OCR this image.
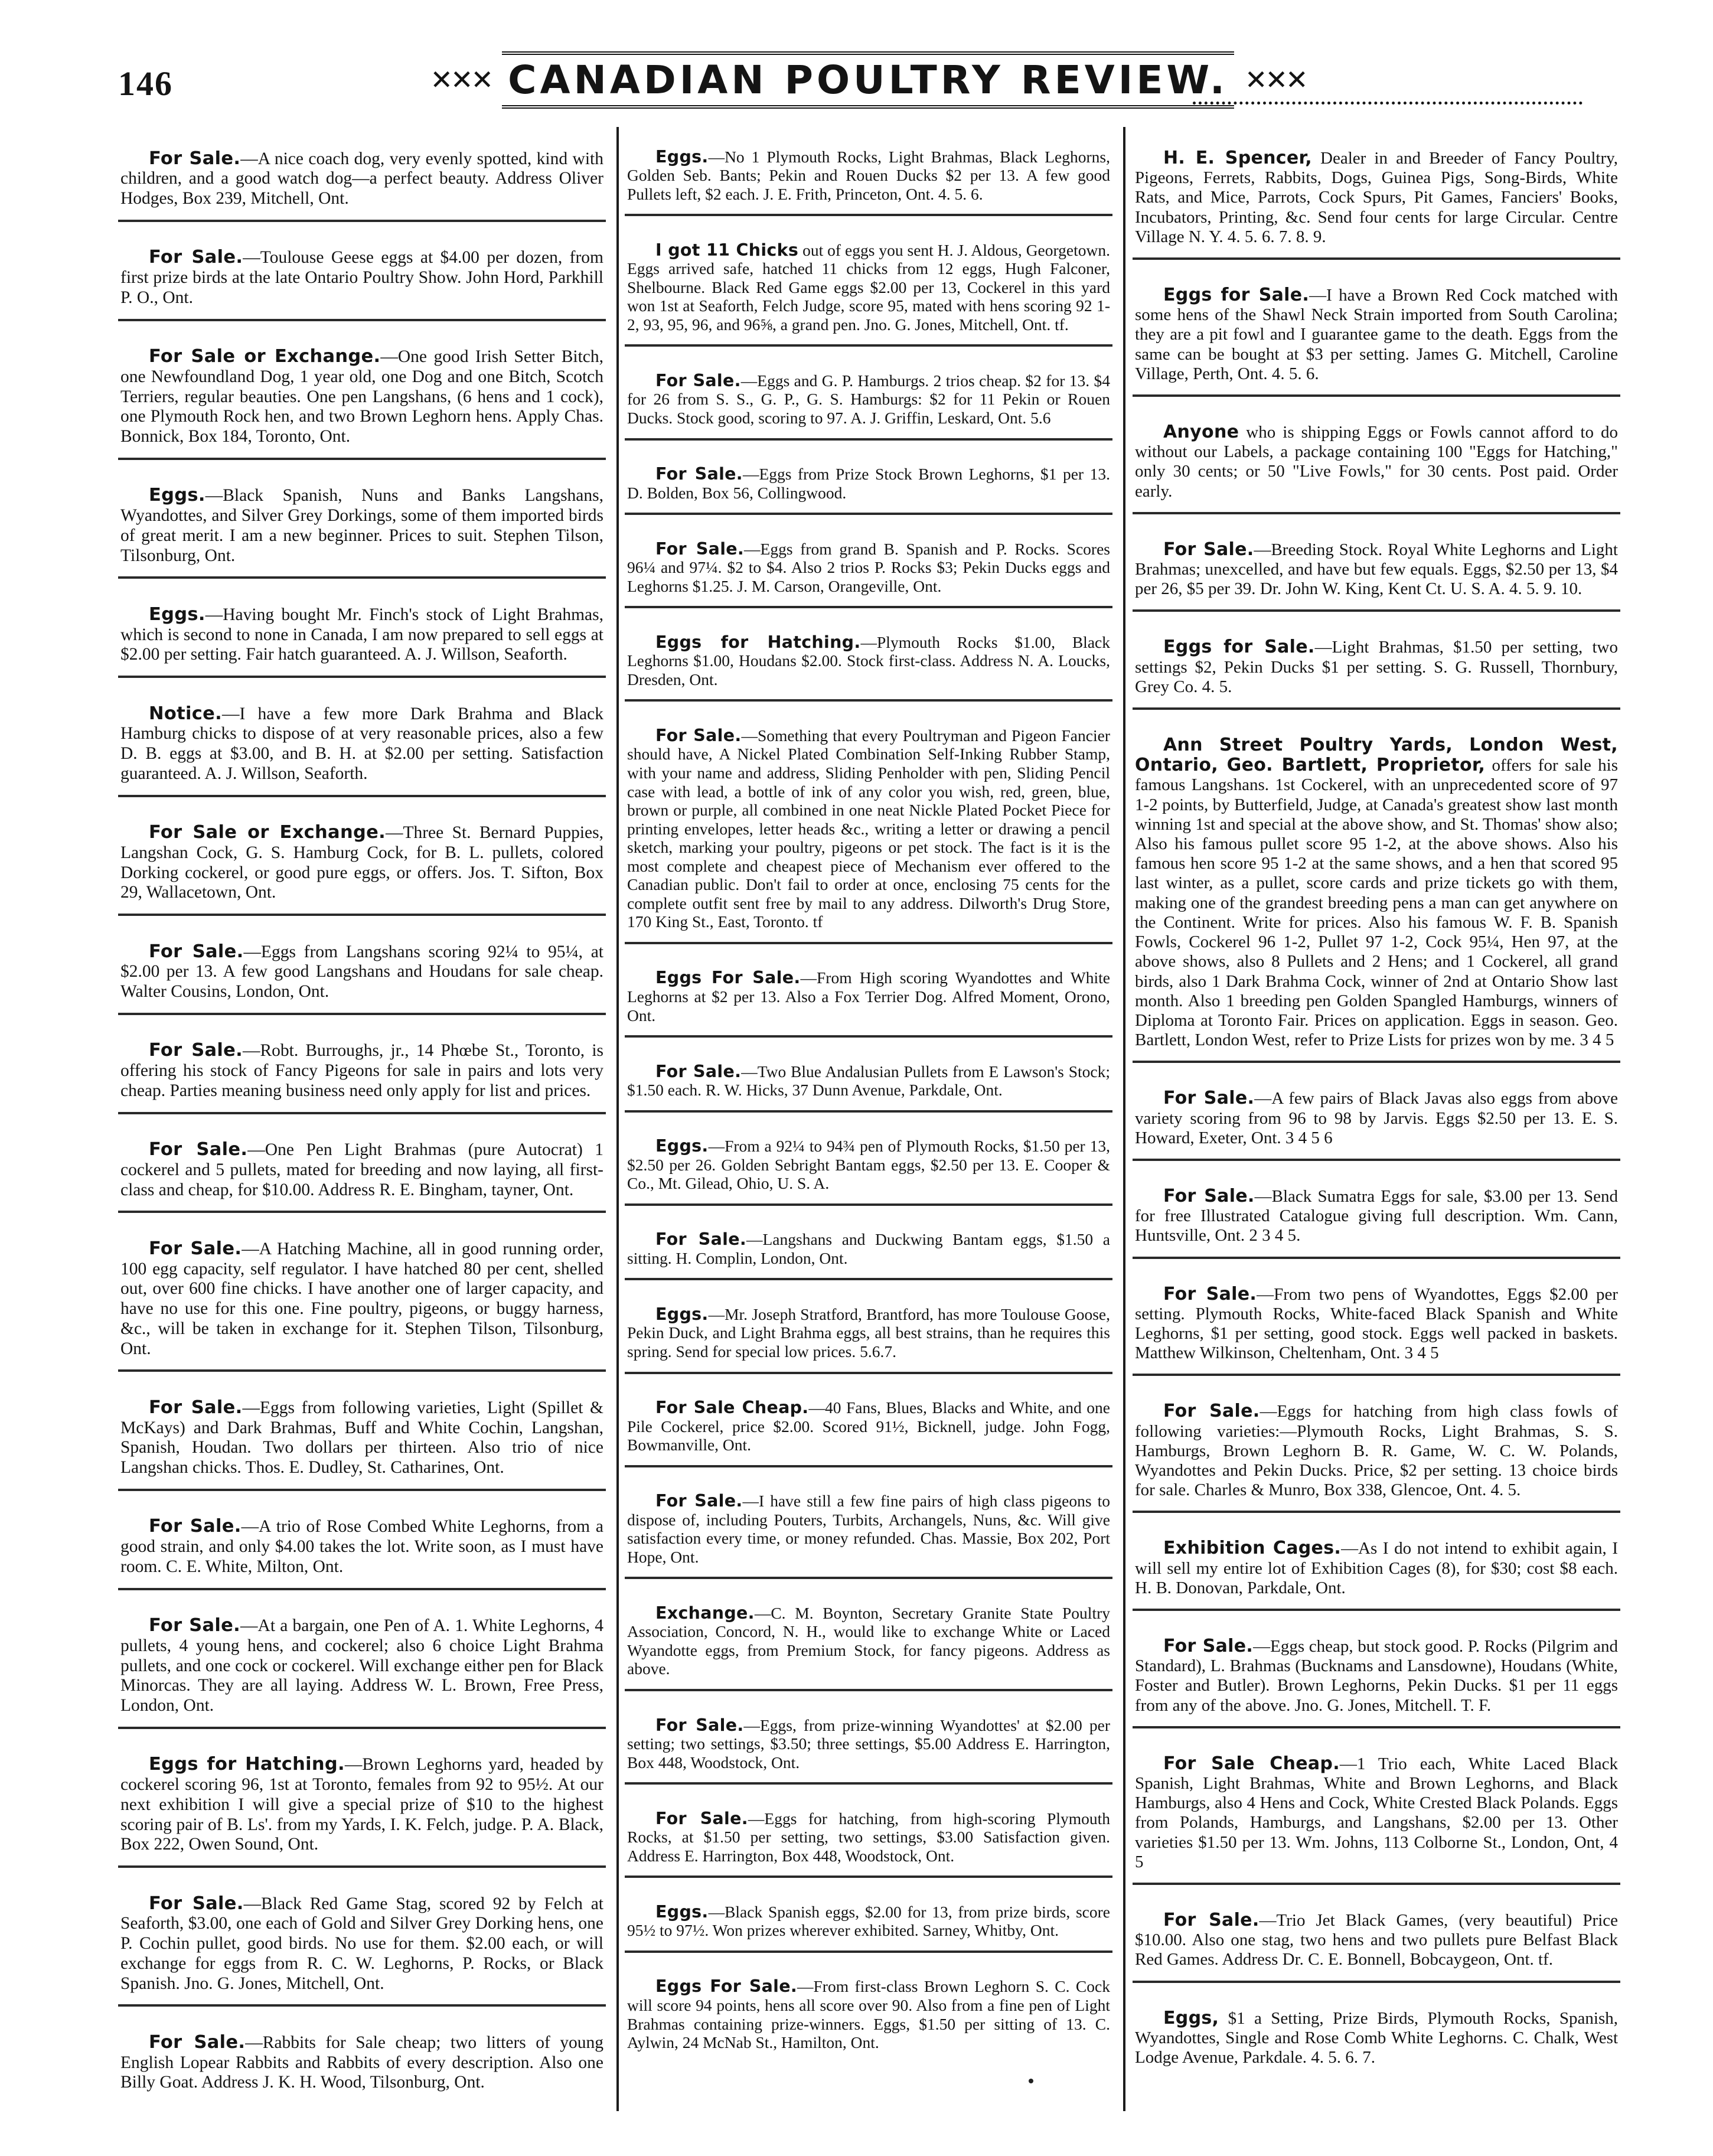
146	✕✕✕ CANADIAN POULTRY REVIEW. ✕✕✕

For Sale.—A nice coach dog, very evenly spotted, kind with children, and a good watch dog—a perfect beauty. Address Oliver Hodges, Box 239, Mitchell, Ont.

For Sale.—Toulouse Geese eggs at $4.00 per dozen, from first prize birds at the late Ontario Poultry Show. John Hord, Parkhill P. O., Ont.

For Sale or Exchange.—One good Irish Setter Bitch, one Newfoundland Dog, 1 year old, one Dog and one Bitch, Scotch Terriers, regular beauties. One pen Langshans, (6 hens and 1 cock), one Plymouth Rock hen, and two Brown Leghorn hens. Apply Chas. Bonnick, Box 184, Toronto, Ont.

Eggs.—Black Spanish, Nuns and Banks Langshans, Wyandottes, and Silver Grey Dorkings, some of them imported birds of great merit. I am a new beginner. Prices to suit. Stephen Tilson, Tilsonburg, Ont.

Eggs.—Having bought Mr. Finch's stock of Light Brahmas, which is second to none in Canada, I am now prepared to sell eggs at $2.00 per setting. Fair hatch guaranteed. A. J. Willson, Seaforth.

Notice.—I have a few more Dark Brahma and Black Hamburg chicks to dispose of at very reasonable prices, also a few D. B. eggs at $3.00, and B. H. at $2.00 per setting. Satisfaction guaranteed. A. J. Willson, Seaforth.

For Sale or Exchange.—Three St. Bernard Puppies, Langshan Cock, G. S. Hamburg Cock, for B. L. pullets, colored Dorking cockerel, or good pure eggs, or offers. Jos. T. Sifton, Box 29, Wallacetown, Ont.

For Sale.—Eggs from Langshans scoring 92¼ to 95¼, at $2.00 per 13. A few good Langshans and Houdans for sale cheap. Walter Cousins, London, Ont.

For Sale.—Robt. Burroughs, jr., 14 Phœbe St., Toronto, is offering his stock of Fancy Pigeons for sale in pairs and lots very cheap. Parties meaning business need only apply for list and prices.

For Sale.—One Pen Light Brahmas (pure Autocrat) 1 cockerel and 5 pullets, mated for breeding and now laying, all first-class and cheap, for $10.00. Address R. E. Bingham, tayner, Ont.

For Sale.—A Hatching Machine, all in good running order, 100 egg capacity, self regulator. I have hatched 80 per cent, shelled out, over 600 fine chicks. I have another one of larger capacity, and have no use for this one. Fine poultry, pigeons, or buggy harness, &c., will be taken in exchange for it. Stephen Tilson, Tilsonburg, Ont.

For Sale.—Eggs from following varieties, Light (Spillet & McKays) and Dark Brahmas, Buff and White Cochin, Langshan, Spanish, Houdan. Two dollars per thirteen. Also trio of nice Langshan chicks. Thos. E. Dudley, St. Catharines, Ont.

For Sale.—A trio of Rose Combed White Leghorns, from a good strain, and only $4.00 takes the lot. Write soon, as I must have room. C. E. White, Milton, Ont.

For Sale.—At a bargain, one Pen of A. 1. White Leghorns, 4 pullets, 4 young hens, and cockerel; also 6 choice Light Brahma pullets, and one cock or cockerel. Will exchange either pen for Black Minorcas. They are all laying. Address W. L. Brown, Free Press, London, Ont.

Eggs for Hatching.—Brown Leghorns yard, headed by cockerel scoring 96, 1st at Toronto, females from 92 to 95½. At our next exhibition I will give a special prize of $10 to the highest scoring pair of B. Ls'. from my Yards, I. K. Felch, judge. P. A. Black, Box 222, Owen Sound, Ont.

For Sale.—Black Red Game Stag, scored 92 by Felch at Seaforth, $3.00, one each of Gold and Silver Grey Dorking hens, one P. Cochin pullet, good birds. No use for them. $2.00 each, or will exchange for eggs from R. C. W. Leghorns, P. Rocks, or Black Spanish. Jno. G. Jones, Mitchell, Ont.

For Sale.—Rabbits for Sale cheap; two litters of young English Lopear Rabbits and Rabbits of every description. Also one Billy Goat. Address J. K. H. Wood, Tilsonburg, Ont.

Eggs.—No 1 Plymouth Rocks, Light Brahmas, Black Leghorns, Golden Seb. Bants; Pekin and Rouen Ducks $2 per 13. A few good Pullets left, $2 each. J. E. Frith, Princeton, Ont. 4. 5. 6.

I got 11 Chicks out of eggs you sent H. J. Aldous, Georgetown. Eggs arrived safe, hatched 11 chicks from 12 eggs, Hugh Falconer, Shelbourne. Black Red Game eggs $2.00 per 13, Cockerel in this yard won 1st at Seaforth, Felch Judge, score 95, mated with hens scoring 92 1-2, 93, 95, 96, and 96⅝, a grand pen. Jno. G. Jones, Mitchell, Ont. tf.

For Sale.—Eggs and G. P. Hamburgs. 2 trios cheap. $2 for 13. $4 for 26 from S. S., G. P., G. S. Hamburgs: $2 for 11 Pekin or Rouen Ducks. Stock good, scoring to 97. A. J. Griffin, Leskard, Ont. 5.6

For Sale.—Eggs from Prize Stock Brown Leghorns, $1 per 13. D. Bolden, Box 56, Collingwood.

For Sale.—Eggs from grand B. Spanish and P. Rocks. Scores 96¼ and 97¼. $2 to $4. Also 2 trios P. Rocks $3; Pekin Ducks eggs and Leghorns $1.25. J. M. Carson, Orangeville, Ont.

Eggs for Hatching.—Plymouth Rocks $1.00, Black Leghorns $1.00, Houdans $2.00. Stock first-class. Address N. A. Loucks, Dresden, Ont.

For Sale.—Something that every Poultryman and Pigeon Fancier should have, A Nickel Plated Combination Self-Inking Rubber Stamp, with your name and address, Sliding Penholder with pen, Sliding Pencil case with lead, a bottle of ink of any color you wish, red, green, blue, brown or purple, all combined in one neat Nickle Plated Pocket Piece for printing envelopes, letter heads &c., writing a letter or drawing a pencil sketch, marking your poultry, pigeons or pet stock. The fact is it is the most complete and cheapest piece of Mechanism ever offered to the Canadian public. Don't fail to order at once, enclosing 75 cents for the complete outfit sent free by mail to any address. Dilworth's Drug Store, 170 King St., East, Toronto. tf

Eggs For Sale.—From High scoring Wyandottes and White Leghorns at $2 per 13. Also a Fox Terrier Dog. Alfred Moment, Orono, Ont.

For Sale.—Two Blue Andalusian Pullets from E Lawson's Stock; $1.50 each. R. W. Hicks, 37 Dunn Avenue, Parkdale, Ont.

Eggs.—From a 92¼ to 94¾ pen of Plymouth Rocks, $1.50 per 13, $2.50 per 26. Golden Sebright Bantam eggs, $2.50 per 13. E. Cooper & Co., Mt. Gilead, Ohio, U. S. A.

For Sale.—Langshans and Duckwing Bantam eggs, $1.50 a sitting. H. Complin, London, Ont.

Eggs.—Mr. Joseph Stratford, Brantford, has more Toulouse Goose, Pekin Duck, and Light Brahma eggs, all best strains, than he requires this spring. Send for special low prices. 5.6.7.

For Sale Cheap.—40 Fans, Blues, Blacks and White, and one Pile Cockerel, price $2.00. Scored 91½, Bicknell, judge. John Fogg, Bowmanville, Ont.

For Sale.—I have still a few fine pairs of high class pigeons to dispose of, including Pouters, Turbits, Archangels, Nuns, &c. Will give satisfaction every time, or money refunded. Chas. Massie, Box 202, Port Hope, Ont.

Exchange.—C. M. Boynton, Secretary Granite State Poultry Association, Concord, N. H., would like to exchange White or Laced Wyandotte eggs, from Premium Stock, for fancy pigeons. Address as above.

For Sale.—Eggs, from prize-winning Wyandottes' at $2.00 per setting; two settings, $3.50; three settings, $5.00 Address E. Harrington, Box 448, Woodstock, Ont.

For Sale.—Eggs for hatching, from high-scoring Plymouth Rocks, at $1.50 per setting, two settings, $3.00 Satisfaction given. Address E. Harrington, Box 448, Woodstock, Ont.

Eggs.—Black Spanish eggs, $2.00 for 13, from prize birds, score 95½ to 97½. Won prizes wherever exhibited. Sarney, Whitby, Ont.

Eggs For Sale.—From first-class Brown Leghorn S. C. Cock will score 94 points, hens all score over 90. Also from a fine pen of Light Brahmas containing prize-winners. Eggs, $1.50 per sitting of 13. C. Aylwin, 24 McNab St., Hamilton, Ont.

H. E. Spencer, Dealer in and Breeder of Fancy Poultry, Pigeons, Ferrets, Rabbits, Dogs, Guinea Pigs, Song-Birds, White Rats, and Mice, Parrots, Cock Spurs, Pit Games, Fanciers' Books, Incubators, Printing, &c. Send four cents for large Circular. Centre Village N. Y. 4. 5. 6. 7. 8. 9.

Eggs for Sale.—I have a Brown Red Cock matched with some hens of the Shawl Neck Strain imported from South Carolina; they are a pit fowl and I guarantee game to the death. Eggs from the same can be bought at $3 per setting. James G. Mitchell, Caroline Village, Perth, Ont. 4. 5. 6.

Anyone who is shipping Eggs or Fowls cannot afford to do without our Labels, a package containing 100 "Eggs for Hatching," only 30 cents; or 50 "Live Fowls," for 30 cents. Post paid. Order early.

For Sale.—Breeding Stock. Royal White Leghorns and Light Brahmas; unexcelled, and have but few equals. Eggs, $2.50 per 13, $4 per 26, $5 per 39. Dr. John W. King, Kent Ct. U. S. A. 4. 5. 9. 10.

Eggs for Sale.—Light Brahmas, $1.50 per setting, two settings $2, Pekin Ducks $1 per setting. S. G. Russell, Thornbury, Grey Co. 4. 5.

Ann Street Poultry Yards, London West, Ontario, Geo. Bartlett, Proprietor, offers for sale his famous Langshans. 1st Cockerel, with an unprecedented score of 97 1-2 points, by Butterfield, Judge, at Canada's greatest show last month winning 1st and special at the above show, and St. Thomas' show also; Also his famous pullet score 95 1-2, at the above shows. Also his famous hen score 95 1-2 at the same shows, and a hen that scored 95 last winter, as a pullet, score cards and prize tickets go with them, making one of the grandest breeding pens a man can get anywhere on the Continent. Write for prices. Also his famous W. F. B. Spanish Fowls, Cockerel 96 1-2, Pullet 97 1-2, Cock 95¼, Hen 97, at the above shows, also 8 Pullets and 2 Hens; and 1 Cockerel, all grand birds, also 1 Dark Brahma Cock, winner of 2nd at Ontario Show last month. Also 1 breeding pen Golden Spangled Hamburgs, winners of Diploma at Toronto Fair. Prices on application. Eggs in season. Geo. Bartlett, London West, refer to Prize Lists for prizes won by me. 3 4 5

For Sale.—A few pairs of Black Javas also eggs from above variety scoring from 96 to 98 by Jarvis. Eggs $2.50 per 13. E. S. Howard, Exeter, Ont. 3 4 5 6

For Sale.—Black Sumatra Eggs for sale, $3.00 per 13. Send for free Illustrated Catalogue giving full description. Wm. Cann, Huntsville, Ont. 2 3 4 5.

For Sale.—From two pens of Wyandottes, Eggs $2.00 per setting. Plymouth Rocks, White-faced Black Spanish and White Leghorns, $1 per setting, good stock. Eggs well packed in baskets. Matthew Wilkinson, Cheltenham, Ont. 3 4 5

For Sale.—Eggs for hatching from high class fowls of following varieties:—Plymouth Rocks, Light Brahmas, S. S. Hamburgs, Brown Leghorn B. R. Game, W. C. W. Polands, Wyandottes and Pekin Ducks. Price, $2 per setting. 13 choice birds for sale. Charles & Munro, Box 338, Glencoe, Ont. 4. 5.

Exhibition Cages.—As I do not intend to exhibit again, I will sell my entire lot of Exhibition Cages (8), for $30; cost $8 each. H. B. Donovan, Parkdale, Ont.

For Sale.—Eggs cheap, but stock good. P. Rocks (Pilgrim and Standard), L. Brahmas (Bucknams and Lansdowne), Houdans (White, Foster and Butler). Brown Leghorns, Pekin Ducks. $1 per 11 eggs from any of the above. Jno. G. Jones, Mitchell. T. F.

For Sale Cheap.—1 Trio each, White Laced Black Spanish, Light Brahmas, White and Brown Leghorns, and Black Hamburgs, also 4 Hens and Cock, White Crested Black Polands. Eggs from Polands, Hamburgs, and Langshans, $2.00 per 13. Other varieties $1.50 per 13. Wm. Johns, 113 Colborne St., London, Ont, 4 5

For Sale.—Trio Jet Black Games, (very beautiful) Price $10.00. Also one stag, two hens and two pullets pure Belfast Black Red Games. Address Dr. C. E. Bonnell, Bobcaygeon, Ont. tf.

Eggs, $1 a Setting, Prize Birds, Plymouth Rocks, Spanish, Wyandottes, Single and Rose Comb White Leghorns. C. Chalk, West Lodge Avenue, Parkdale. 4. 5. 6. 7.
